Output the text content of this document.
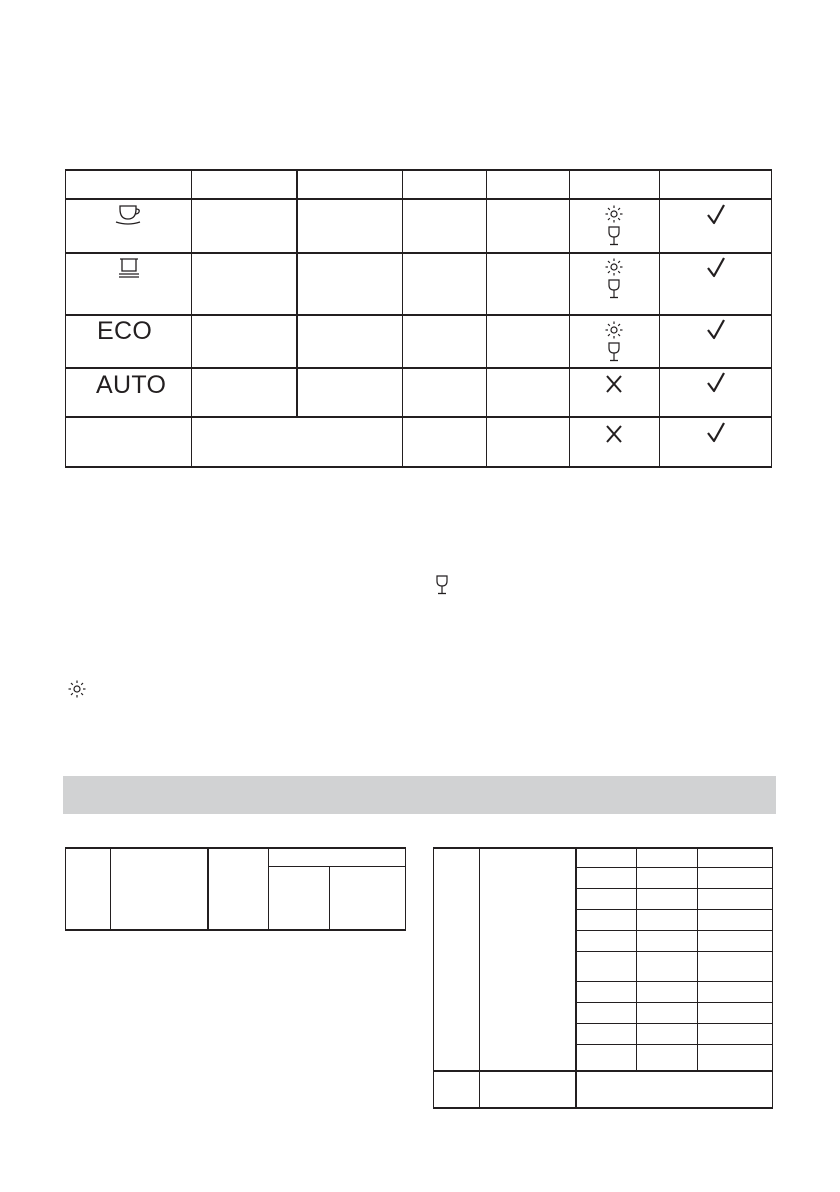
ECO
AUTO
